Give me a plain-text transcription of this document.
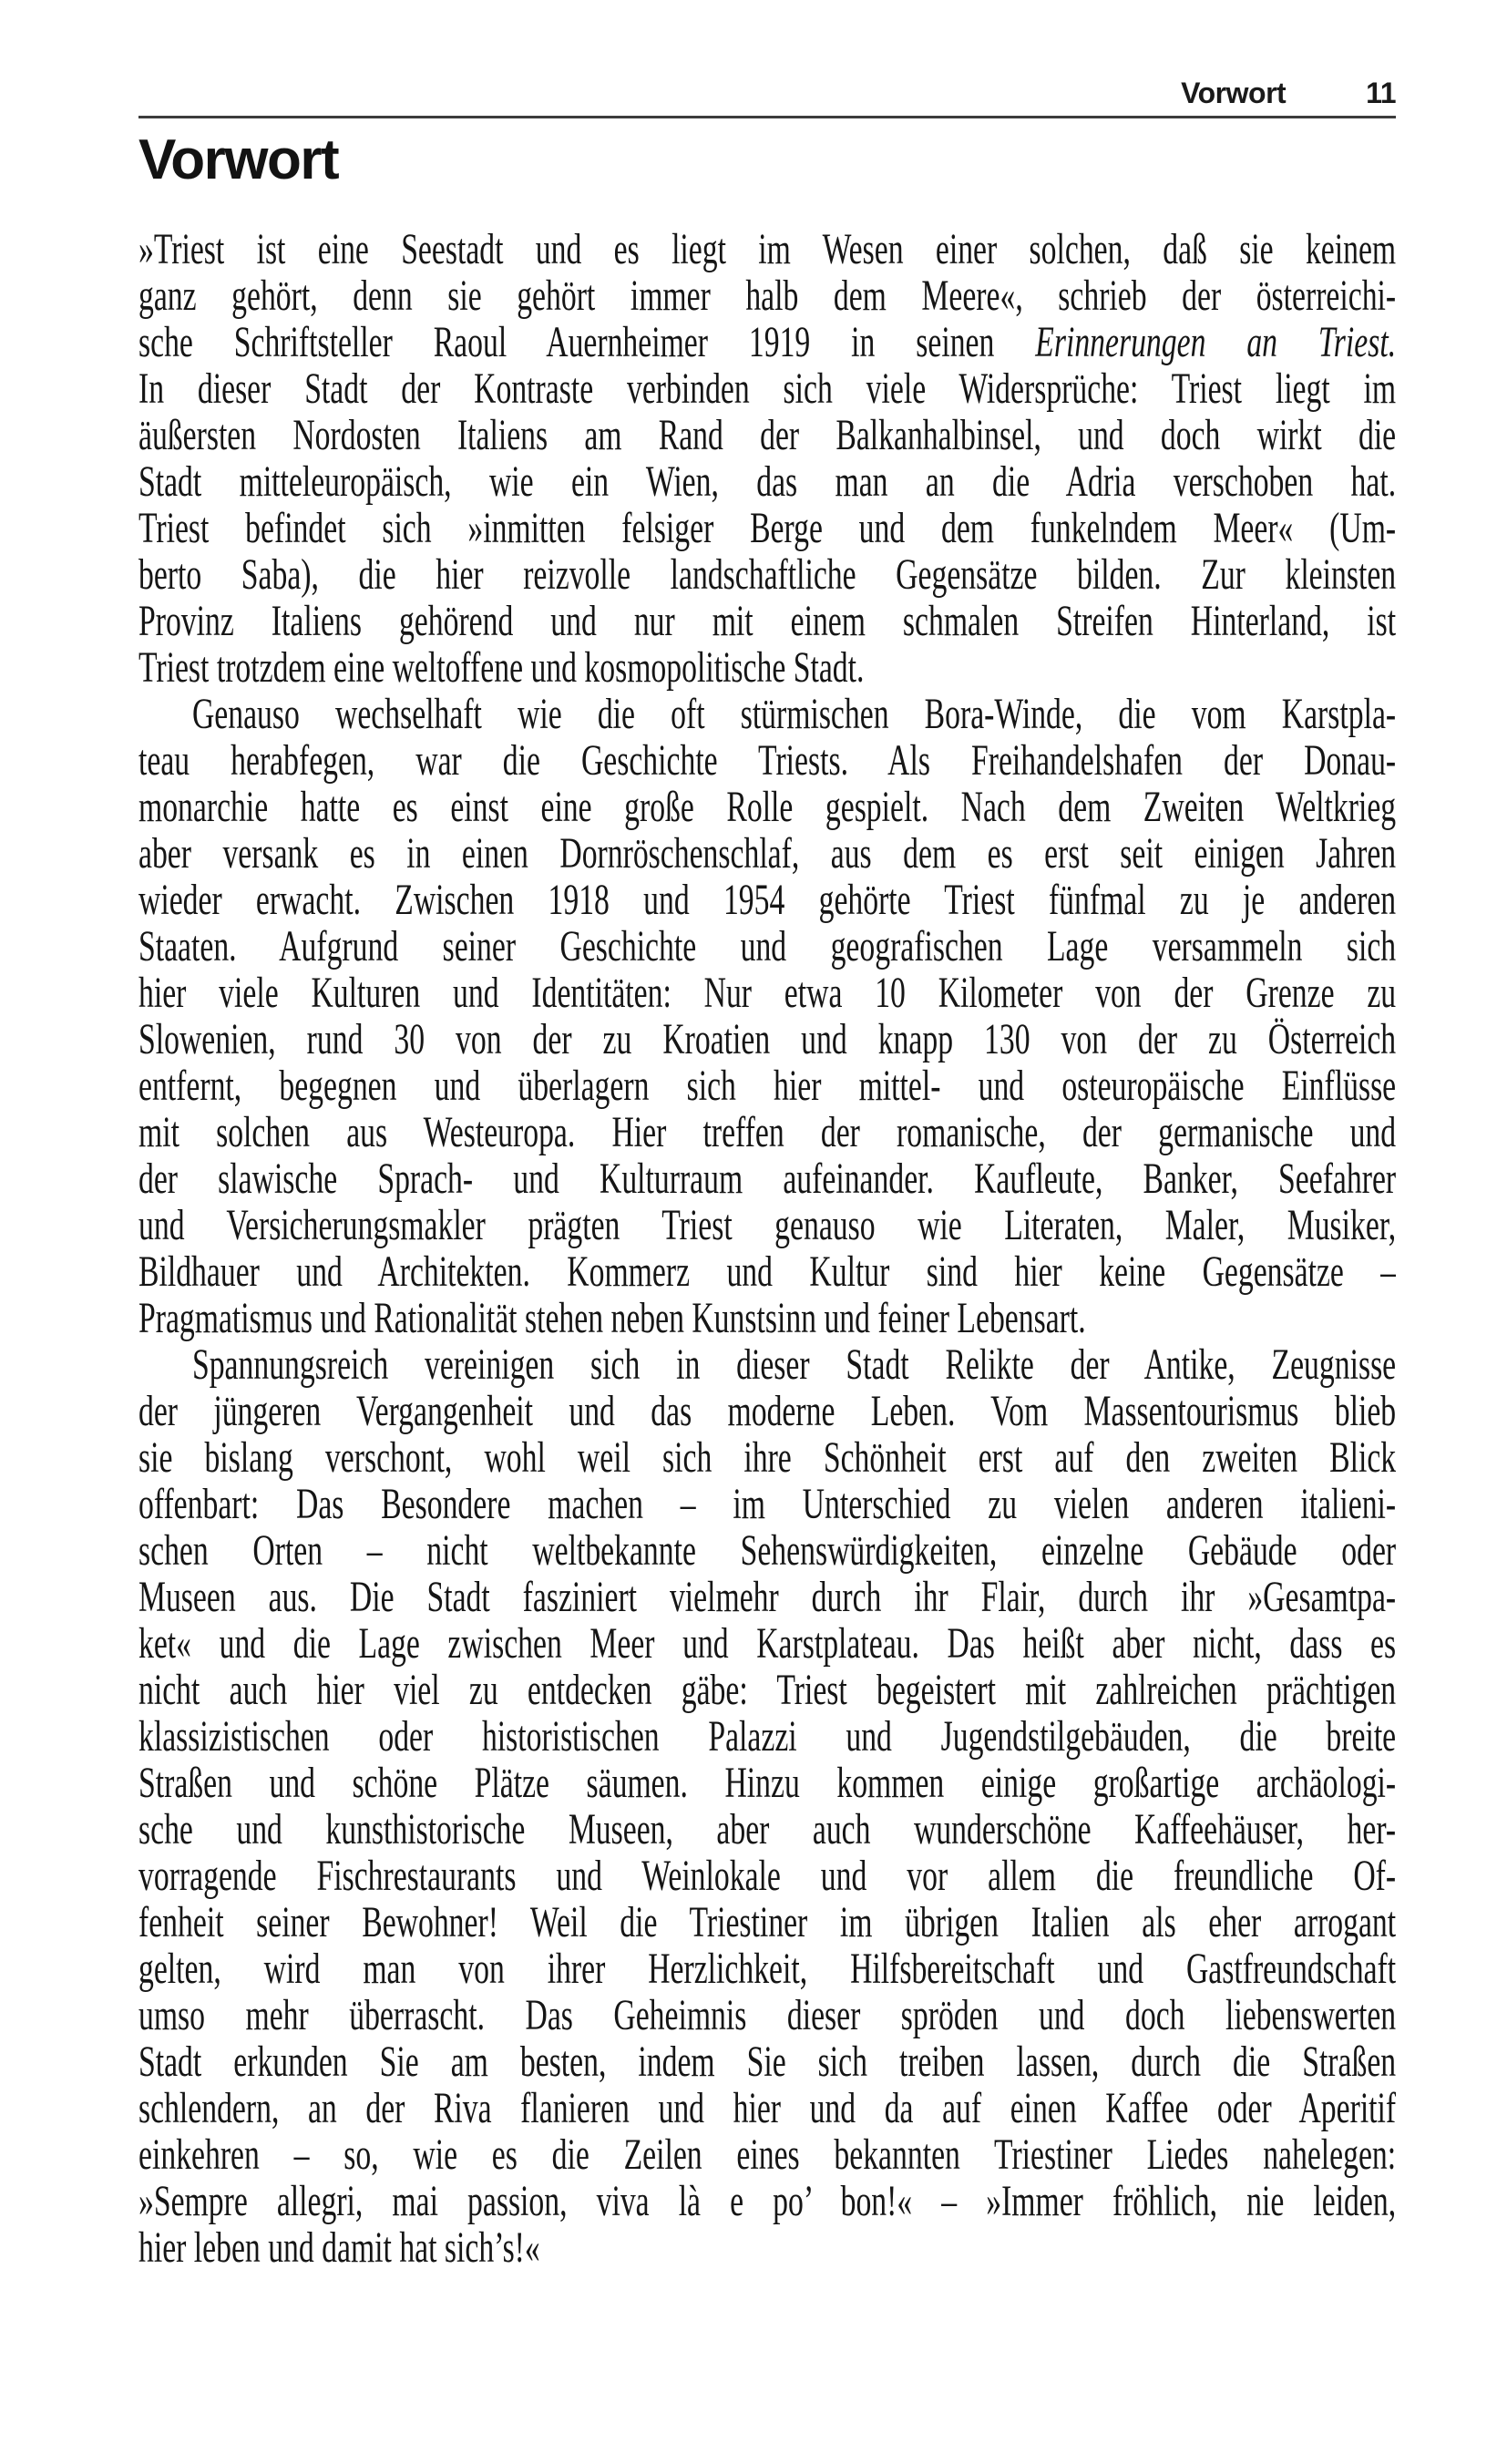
Vorwort	11
Vorwort
»Triest ist eine Seestadt und es liegt im Wesen einer solchen, daß sie keinem
ganz gehört, denn sie gehört immer halb dem Meere«, schrieb der österreichi-
sche Schriftsteller Raoul Auernheimer 1919 in seinen Erinnerungen an Triest.
In dieser Stadt der Kontraste verbinden sich viele Widersprüche: Triest liegt im
äußersten Nordosten Italiens am Rand der Balkanhalbinsel, und doch wirkt die
Stadt mitteleuropäisch, wie ein Wien, das man an die Adria verschoben hat.
Triest befindet sich »inmitten felsiger Berge und dem funkelndem Meer« (Um-
berto Saba), die hier reizvolle landschaftliche Gegensätze bilden. Zur kleinsten
Provinz Italiens gehörend und nur mit einem schmalen Streifen Hinterland, ist
Triest trotzdem eine weltoffene und kosmopolitische Stadt.
Genauso wechselhaft wie die oft stürmischen Bora-Winde, die vom Karstpla-
teau herabfegen, war die Geschichte Triests. Als Freihandelshafen der Donau-
monarchie hatte es einst eine große Rolle gespielt. Nach dem Zweiten Weltkrieg
aber versank es in einen Dornröschenschlaf, aus dem es erst seit einigen Jahren
wieder erwacht. Zwischen 1918 und 1954 gehörte Triest fünfmal zu je anderen
Staaten. Aufgrund seiner Geschichte und geografischen Lage versammeln sich
hier viele Kulturen und Identitäten: Nur etwa 10 Kilometer von der Grenze zu
Slowenien, rund 30 von der zu Kroatien und knapp 130 von der zu Österreich
entfernt, begegnen und überlagern sich hier mittel- und osteuropäische Einflüsse
mit solchen aus Westeuropa. Hier treffen der romanische, der germanische und
der slawische Sprach- und Kulturraum aufeinander. Kaufleute, Banker, Seefahrer
und Versicherungsmakler prägten Triest genauso wie Literaten, Maler, Musiker,
Bildhauer und Architekten. Kommerz und Kultur sind hier keine Gegensätze –
Pragmatismus und Rationalität stehen neben Kunstsinn und feiner Lebensart.
Spannungsreich vereinigen sich in dieser Stadt Relikte der Antike, Zeugnisse
der jüngeren Vergangenheit und das moderne Leben. Vom Massentourismus blieb
sie bislang verschont, wohl weil sich ihre Schönheit erst auf den zweiten Blick
offenbart: Das Besondere machen – im Unterschied zu vielen anderen italieni-
schen Orten – nicht weltbekannte Sehenswürdigkeiten, einzelne Gebäude oder
Museen aus. Die Stadt fasziniert vielmehr durch ihr Flair, durch ihr »Gesamtpa-
ket« und die Lage zwischen Meer und Karstplateau. Das heißt aber nicht, dass es
nicht auch hier viel zu entdecken gäbe: Triest begeistert mit zahlreichen prächtigen
klassizistischen oder historistischen Palazzi und Jugendstilgebäuden, die breite
Straßen und schöne Plätze säumen. Hinzu kommen einige großartige archäologi-
sche und kunsthistorische Museen, aber auch wunderschöne Kaffeehäuser, her-
vorragende Fischrestaurants und Weinlokale und vor allem die freundliche Of-
fenheit seiner Bewohner! Weil die Triestiner im übrigen Italien als eher arrogant
gelten, wird man von ihrer Herzlichkeit, Hilfsbereitschaft und Gastfreundschaft
umso mehr überrascht. Das Geheimnis dieser spröden und doch liebenswerten
Stadt erkunden Sie am besten, indem Sie sich treiben lassen, durch die Straßen
schlendern, an der Riva flanieren und hier und da auf einen Kaffee oder Aperitif
einkehren – so, wie es die Zeilen eines bekannten Triestiner Liedes nahelegen:
»Sempre allegri, mai passion, viva là e po’ bon!« – »Immer fröhlich, nie leiden,
hier leben und damit hat sich’s!«
